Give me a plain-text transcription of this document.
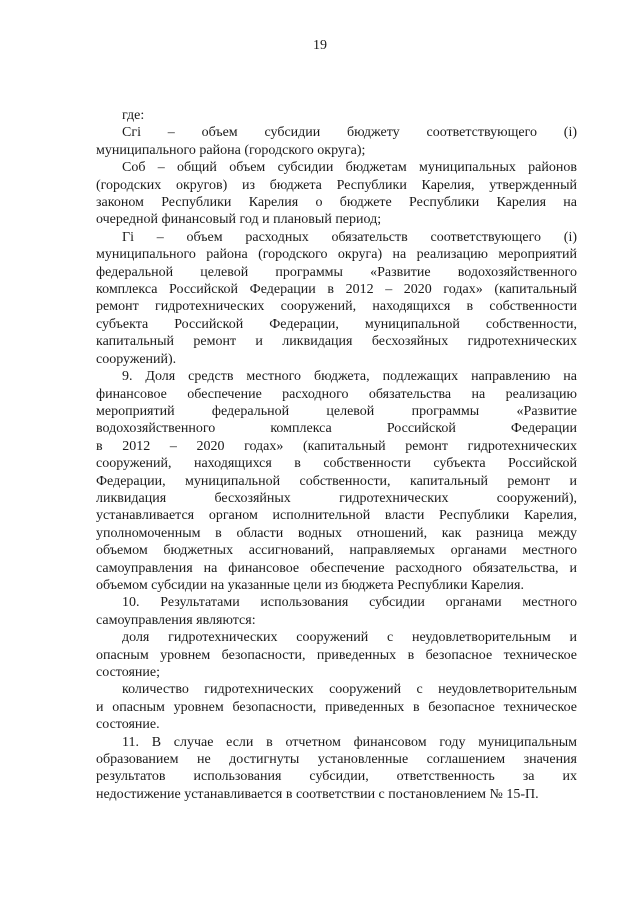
19
где:
Сгi – объем субсидии бюджету соответствующего (i)
муниципального района (городского округа);
Соб – общий объем субсидии бюджетам муниципальных районов
(городских округов) из бюджета Республики Карелия, утвержденный
законом Республики Карелия о бюджете Республики Карелия на
очередной финансовый год и плановый период;
Гi – объем расходных обязательств соответствующего (i)
муниципального района (городского округа) на реализацию мероприятий
федеральной целевой программы «Развитие водохозяйственного
комплекса Российской Федерации в 2012 – 2020 годах» (капитальный
ремонт гидротехнических сооружений, находящихся в собственности
субъекта Российской Федерации, муниципальной собственности,
капитальный ремонт и ликвидация бесхозяйных гидротехнических
сооружений).
9. Доля средств местного бюджета, подлежащих направлению на
финансовое обеспечение расходного обязательства на реализацию
мероприятий федеральной целевой программы «Развитие
водохозяйственного комплекса Российской Федерации
в 2012 – 2020 годах» (капитальный ремонт гидротехнических
сооружений, находящихся в собственности субъекта Российской
Федерации, муниципальной собственности, капитальный ремонт и
ликвидация бесхозяйных гидротехнических сооружений),
устанавливается органом исполнительной власти Республики Карелия,
уполномоченным в области водных отношений, как разница между
объемом бюджетных ассигнований, направляемых органами местного
самоуправления на финансовое обеспечение расходного обязательства, и
объемом субсидии на указанные цели из бюджета Республики Карелия.
10. Результатами использования субсидии органами местного
самоуправления являются:
доля гидротехнических сооружений с неудовлетворительным и
опасным уровнем безопасности, приведенных в безопасное техническое
состояние;
количество гидротехнических сооружений с неудовлетворительным
и опасным уровнем безопасности, приведенных в безопасное техническое
состояние.
11. В случае если в отчетном финансовом году муниципальным
образованием не достигнуты установленные соглашением значения
результатов использования субсидии, ответственность за их
недостижение устанавливается в соответствии с постановлением № 15-П.
